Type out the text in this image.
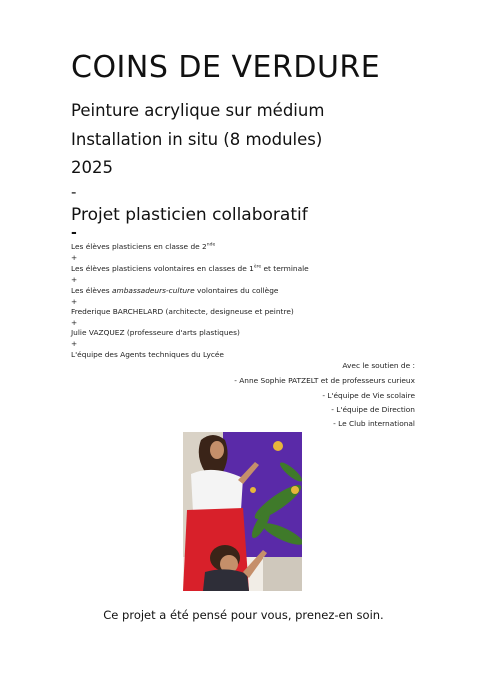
COINS DE VERDURE

Peinture acrylique sur médium

Installation in situ (8 modules)

2025

-

Projet plasticien collaboratif

-

Les élèves plasticiens en classe de 2nde

+

Les élèves plasticiens volontaires en classes de 1ère et terminale

+

Les élèves ambassadeurs-culture volontaires du collège

+

Frederique BARCHELARD (architecte, designeuse et peintre)

+

Julie VAZQUEZ (professeure d'arts plastiques)

+

L'équipe des Agents techniques du Lycée

Avec le soutien de :

- Anne Sophie PATZELT et de professeurs curieux

- L'équipe de Vie scolaire

- L'équipe de Direction

- Le Club international

Ce projet a été pensé pour vous, prenez-en soin.
